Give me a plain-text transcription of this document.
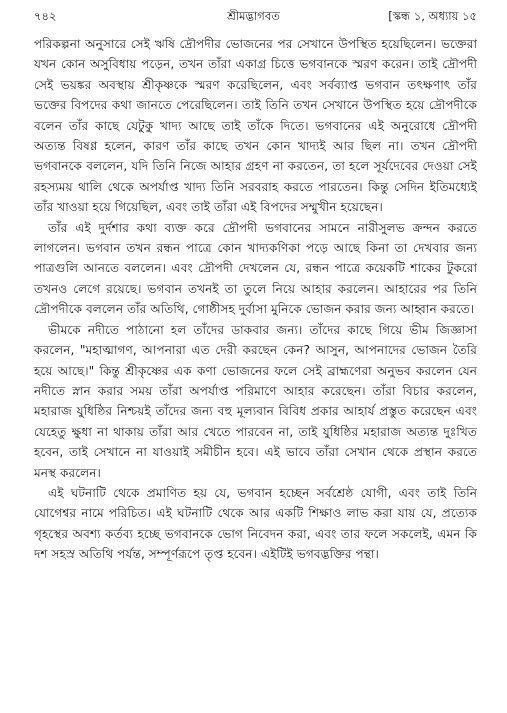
৭৪২	শ্রীমদ্ভাগবত	[স্কন্ধ ১, অধ্যায় ১৫

পরিকল্পনা অনুসারে সেই ঋষি দ্রৌপদীর ভোজনের পর সেখানে উপস্থিত হয়েছিলেন। ভক্তেরা যখন কোন অসুবিধায় পড়েন, তখন তাঁরা একাগ্র চিত্তে ভগবানকে স্মরণ করেন। তাই দ্রৌপদী সেই ভয়ঙ্কর অবস্থায় শ্রীকৃষ্ণকে স্মরণ করেছিলেন, এবং সর্বব্যাপ্ত ভগবান তৎক্ষণাৎ তাঁর ভক্তের বিপদের কথা জানতে পেরেছিলেন। তাই তিনি তখন সেখানে উপস্থিত হয়ে দ্রৌপদীকে বলেন তাঁর কাছে যেটুকু খাদ্য আছে তাই তাঁকে দিতে। ভগবানের এই অনুরোধে দ্রৌপদী অত্যন্ত বিষণ্ণ হলেন, কারণ তাঁর কাছে তখন কোন খাদ্যই আর ছিল না। তখন দ্রৌপদী ভগবানকে বললেন, যদি তিনি নিজে আহার গ্রহণ না করতেন, তা হলে সূর্যদেবের দেওয়া সেই রহস্যময় থালি থেকে অপর্যাপ্ত খাদ্য তিনি সরবরাহ করতে পারতেন। কিন্তু সেদিন ইতিমধ্যেই তাঁর খাওয়া হয়ে গিয়েছিল, এবং তাই তাঁরা এই বিপদের সম্মুখীন হয়েছেন।

তাঁর এই দুর্দশার কথা ব্যক্ত করে দ্রৌপদী ভগবানের সামনে নারীসুলভ ক্রন্দন করতে লাগলেন। ভগবান তখন রন্ধন পাত্রে কোন খাদ্যকণিকা পড়ে আছে কিনা তা দেখবার জন্য পাত্রগুলি আনতে বললেন। এবং দ্রৌপদী দেখলেন যে, রন্ধন পাত্রে কয়েকটি শাকের টুকরো তখনও লেগে রয়েছে। ভগবান তখনই তা তুলে নিয়ে আহার করলেন। আহারের পর তিনি দ্রৌপদীকে বললেন তাঁর অতিথি, গোষ্ঠীসহ দুর্বাসা মুনিকে ভোজন করার জন্য আহ্বান করতে।

ভীমকে নদীতে পাঠানো হল তাঁদের ডাকবার জন্য। তাঁদের কাছে গিয়ে ভীম জিজ্ঞাসা করলেন, "মহাত্মাগণ, আপনারা এত দেরী করছেন কেন? আসুন, আপনাদের ভোজন তৈরি হয়ে আছে।" কিন্তু শ্রীকৃষ্ণের এক কণা ভোজনের ফলে সেই ব্রাহ্মণেরা অনুভব করলেন যেন নদীতে স্নান করার সময় তাঁরা অপর্যাপ্ত পরিমাণে আহার করেছেন। তাঁরা বিচার করলেন, মহারাজ যুধিষ্ঠির নিশ্চয়ই তাঁদের জন্য বহু মূল্যবান বিবিধ প্রকার আহার্য প্রস্তুত করেছেন এবং যেহেতু ক্ষুধা না থাকায় তাঁরা আর খেতে পারবেন না, তাই যুধিষ্ঠির মহারাজ অত্যন্ত দুঃখিত হবেন, তাই সেখানে না যাওয়াই সমীচীন হবে। এই ভাবে তাঁরা সেখান থেকে প্রস্থান করতে মনস্থ করলেন।

এই ঘটনাটি থেকে প্রমাণিত হয় যে, ভগবান হচ্ছেন সর্বশ্রেষ্ঠ যোগী, এবং তাই তিনি যোগেশ্বর নামে পরিচিত। এই ঘটনাটি থেকে আর একটি শিক্ষাও লাভ করা যায় যে, প্রত্যেক গৃহস্থের অবশ্য কর্তব্য হচ্ছে ভগবানকে ভোগ নিবেদন করা, এবং তার ফলে সকলেই, এমন কি দশ সহস্র অতিথি পর্যন্ত, সম্পূর্ণরূপে তৃপ্ত হবেন। এইটিই ভগবদ্ভক্তির পন্থা।
